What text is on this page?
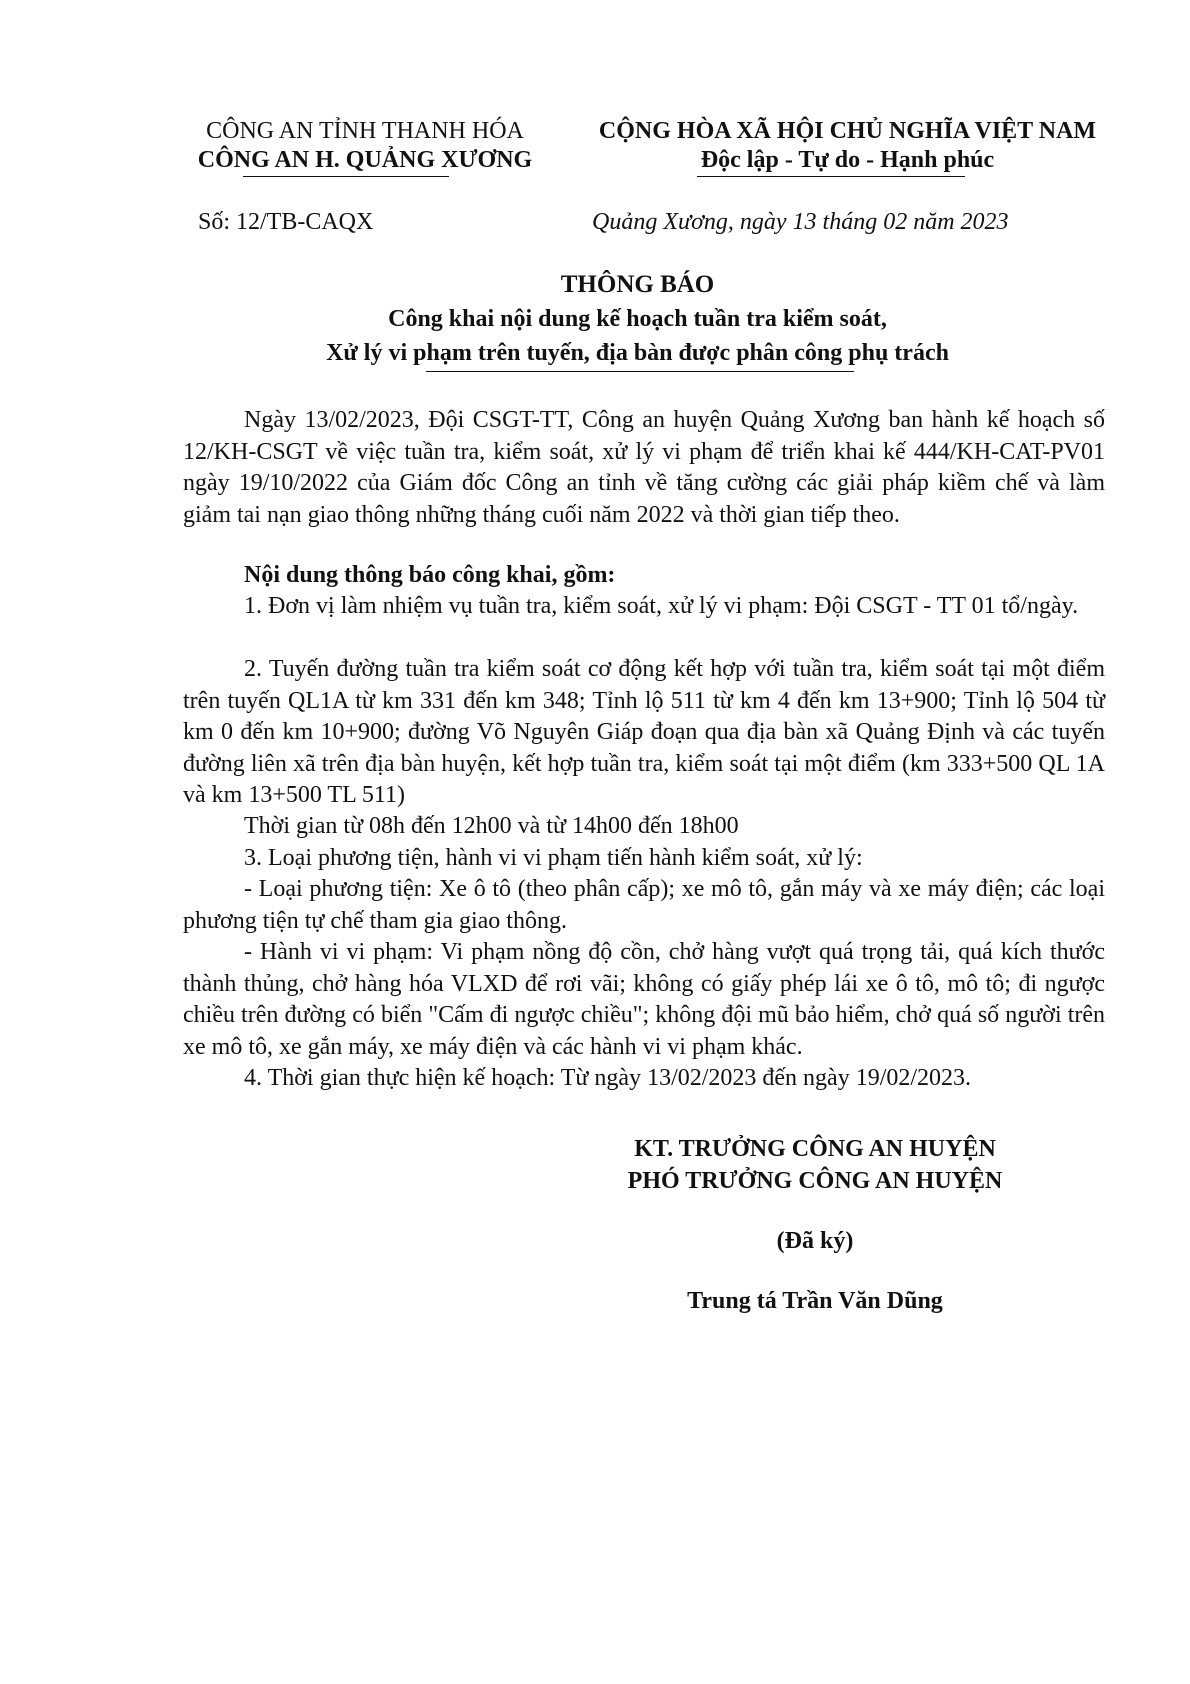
CÔNG AN TỈNH THANH HÓA
CÔNG AN H. QUẢNG XƯƠNG
CỘNG HÒA XÃ HỘI CHỦ NGHĨA VIỆT NAM
Độc lập - Tự do - Hạnh phúc
Số: 12/TB-CAQX	Quảng Xương, ngày 13 tháng 02 năm 2023
THÔNG BÁO
Công khai nội dung kế hoạch tuần tra kiểm soát,
Xử lý vi phạm trên tuyến, địa bàn được phân công phụ trách
Ngày 13/02/2023, Đội CSGT-TT, Công an huyện Quảng Xương ban hành kế hoạch số 12/KH-CSGT về việc tuần tra, kiểm soát, xử lý vi phạm để triển khai kế 444/KH-CAT-PV01 ngày 19/10/2022 của Giám đốc Công an tỉnh về tăng cường các giải pháp kiềm chế và làm giảm tai nạn giao thông những tháng cuối năm 2022 và thời gian tiếp theo.
Nội dung thông báo công khai, gồm:
1. Đơn vị làm nhiệm vụ tuần tra, kiểm soát, xử lý vi phạm: Đội CSGT - TT 01 tổ/ngày.
2. Tuyến đường tuần tra kiểm soát cơ động kết hợp với tuần tra, kiểm soát tại một điểm trên tuyến QL1A từ km 331 đến km 348; Tỉnh lộ 511 từ km 4 đến km 13+900; Tỉnh lộ 504 từ km 0 đến km 10+900; đường Võ Nguyên Giáp đoạn qua địa bàn xã Quảng Định và các tuyến đường liên xã trên địa bàn huyện, kết hợp tuần tra, kiểm soát tại một điểm (km 333+500 QL 1A và km 13+500 TL 511)
Thời gian từ 08h đến 12h00 và từ 14h00 đến 18h00
3. Loại phương tiện, hành vi vi phạm tiến hành kiểm soát, xử lý:
- Loại phương tiện: Xe ô tô (theo phân cấp); xe mô tô, gắn máy và xe máy điện; các loại phương tiện tự chế tham gia giao thông.
- Hành vi vi phạm: Vi phạm nồng độ cồn, chở hàng vượt quá trọng tải, quá kích thước thành thủng, chở hàng hóa VLXD để rơi vãi; không có giấy phép lái xe ô tô, mô tô; đi ngược chiều trên đường có biển "Cấm đi ngược chiều"; không đội mũ bảo hiểm, chở quá số người trên xe mô tô, xe gắn máy, xe máy điện và các hành vi vi phạm khác.
4. Thời gian thực hiện kế hoạch: Từ ngày 13/02/2023 đến ngày 19/02/2023.
KT. TRƯỞNG CÔNG AN HUYỆN
PHÓ TRƯỞNG CÔNG AN HUYỆN
(Đã ký)
Trung tá Trần Văn Dũng
